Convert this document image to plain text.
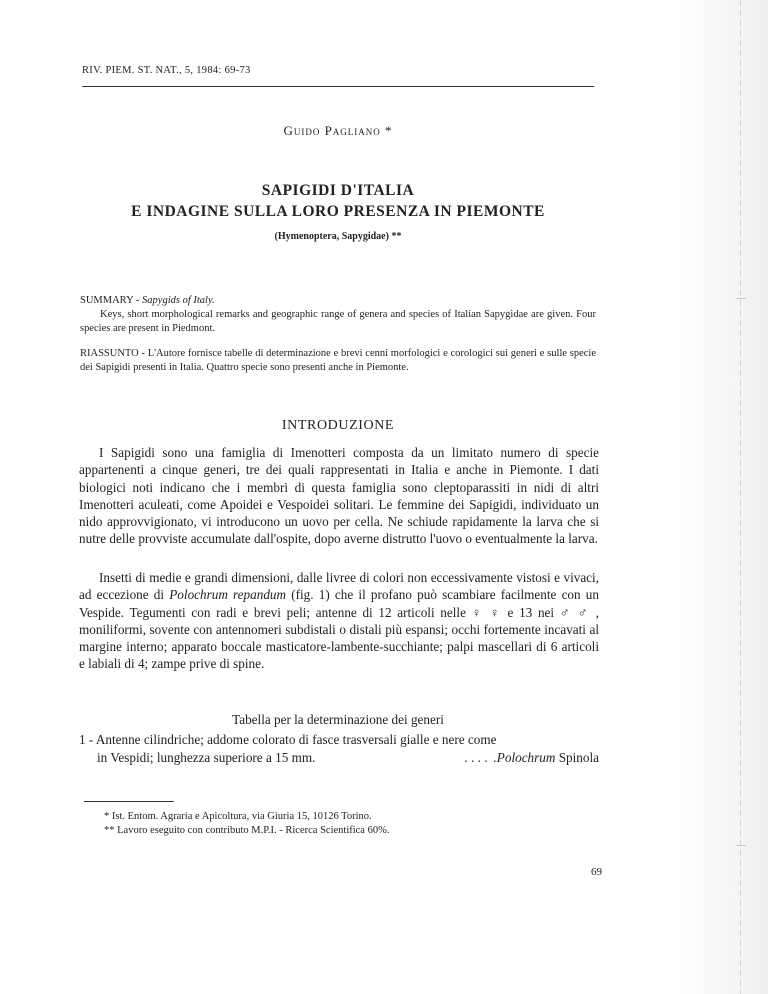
RIV. PIEM. ST. NAT., 5, 1984: 69-73
Guido Pagliano *
SAPIGIDI D'ITALIA
E INDAGINE SULLA LORO PRESENZA IN PIEMONTE
(Hymenoptera, Sapygidae) **
SUMMARY - Sapygids of Italy.
Keys, short morphological remarks and geographic range of genera and species of Italian Sapygidae are given. Four species are present in Piedmont.
RIASSUNTO - L'Autore fornisce tabelle di determinazione e brevi cenni morfologici e corologici sui generi e sulle specie dei Sapigidi presenti in Italia. Quattro specie sono presenti anche in Piemonte.
INTRODUZIONE
I Sapigidi sono una famiglia di Imenotteri composta da un limitato numero di specie appartenenti a cinque generi, tre dei quali rappresentati in Italia e anche in Piemonte. I dati biologici noti indicano che i membri di questa famiglia sono cleptoparassiti in nidi di altri Imenotteri aculeati, come Apoidei e Vespoidei solitari. Le femmine dei Sapigidi, individuato un nido approvvigionato, vi introducono un uovo per cella. Ne schiude rapidamente la larva che si nutre delle provviste accumulate dall'ospite, dopo averne distrutto l'uovo o eventualmente la larva.
Insetti di medie e grandi dimensioni, dalle livree di colori non eccessivamente vistosi e vivaci, ad eccezione di Polochrum repandum (fig. 1) che il profano può scambiare facilmente con un Vespide. Tegumenti con radi e brevi peli; antenne di 12 articoli nelle ♀ ♀ e 13 nei ♂ ♂ , moniliformi, sovente con antennomeri subdistali o distali più espansi; occhi fortemente incavati al margine interno; apparato boccale masticatore-lambente-succhiante; palpi mascellari di 6 articoli e labiali di 4; zampe prive di spine.
Tabella per la determinazione dei generi
1 - Antenne cilindriche; addome colorato di fasce trasversali gialle e nere come
in Vespidi; lunghezza superiore a 15 mm.	. . . . .Polochrum Spinola
* Ist. Entom. Agraria e Apicoltura, via Giuria 15, 10126 Torino.
** Lavoro eseguito con contributo M.P.I. - Ricerca Scientifica 60%.
69
